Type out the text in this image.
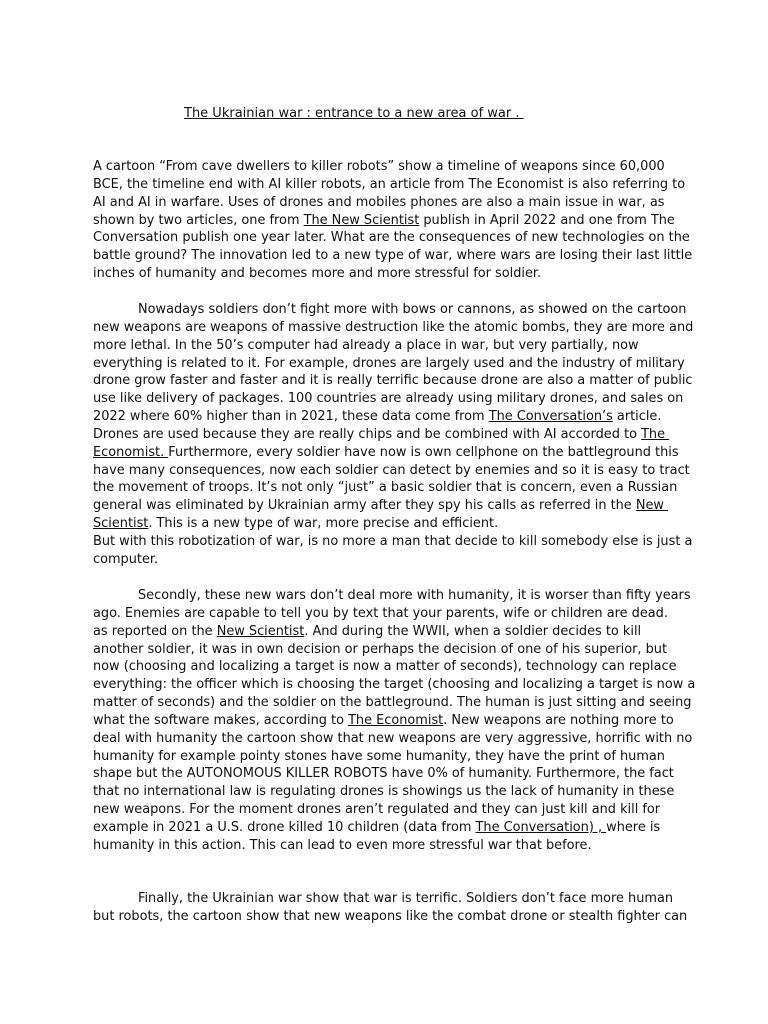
The Ukrainian war : entrance to a new area of war .
A cartoon “From cave dwellers to killer robots” show a timeline of weapons since 60,000
BCE, the timeline end with AI killer robots, an article from The Economist is also referring to
AI and AI in warfare. Uses of drones and mobiles phones are also a main issue in war, as
shown by two articles, one from The New Scientist publish in April 2022 and one from The
Conversation publish one year later. What are the consequences of new technologies on the
battle ground? The innovation led to a new type of war, where wars are losing their last little
inches of humanity and becomes more and more stressful for soldier.
Nowadays soldiers don’t fight more with bows or cannons, as showed on the cartoon
new weapons are weapons of massive destruction like the atomic bombs, they are more and
more lethal. In the 50’s computer had already a place in war, but very partially, now
everything is related to it. For example, drones are largely used and the industry of military
drone grow faster and faster and it is really terrific because drone are also a matter of public
use like delivery of packages. 100 countries are already using military drones, and sales on
2022 where 60% higher than in 2021, these data come from The Conversation’s article.
Drones are used because they are really chips and be combined with AI accorded to The
Economist. Furthermore, every soldier have now is own cellphone on the battleground this
have many consequences, now each soldier can detect by enemies and so it is easy to tract
the movement of troops. It’s not only “just” a basic soldier that is concern, even a Russian
general was eliminated by Ukrainian army after they spy his calls as referred in the New
Scientist. This is a new type of war, more precise and efficient.
But with this robotization of war, is no more a man that decide to kill somebody else is just a
computer.
Secondly, these new wars don’t deal more with humanity, it is worser than fifty years
ago. Enemies are capable to tell you by text that your parents, wife or children are dead.
as reported on the New Scientist. And during the WWII, when a soldier decides to kill
another soldier, it was in own decision or perhaps the decision of one of his superior, but
now (choosing and localizing a target is now a matter of seconds), technology can replace
everything: the officer which is choosing the target (choosing and localizing a target is now a
matter of seconds) and the soldier on the battleground. The human is just sitting and seeing
what the software makes, according to The Economist. New weapons are nothing more to
deal with humanity the cartoon show that new weapons are very aggressive, horrific with no
humanity for example pointy stones have some humanity, they have the print of human
shape but the AUTONOMOUS KILLER ROBOTS have 0% of humanity. Furthermore, the fact
that no international law is regulating drones is showings us the lack of humanity in these
new weapons. For the moment drones aren’t regulated and they can just kill and kill for
example in 2021 a U.S. drone killed 10 children (data from The Conversation) , where is
humanity in this action. This can lead to even more stressful war that before.
Finally, the Ukrainian war show that war is terrific. Soldiers don’t face more human
but robots, the cartoon show that new weapons like the combat drone or stealth fighter can
